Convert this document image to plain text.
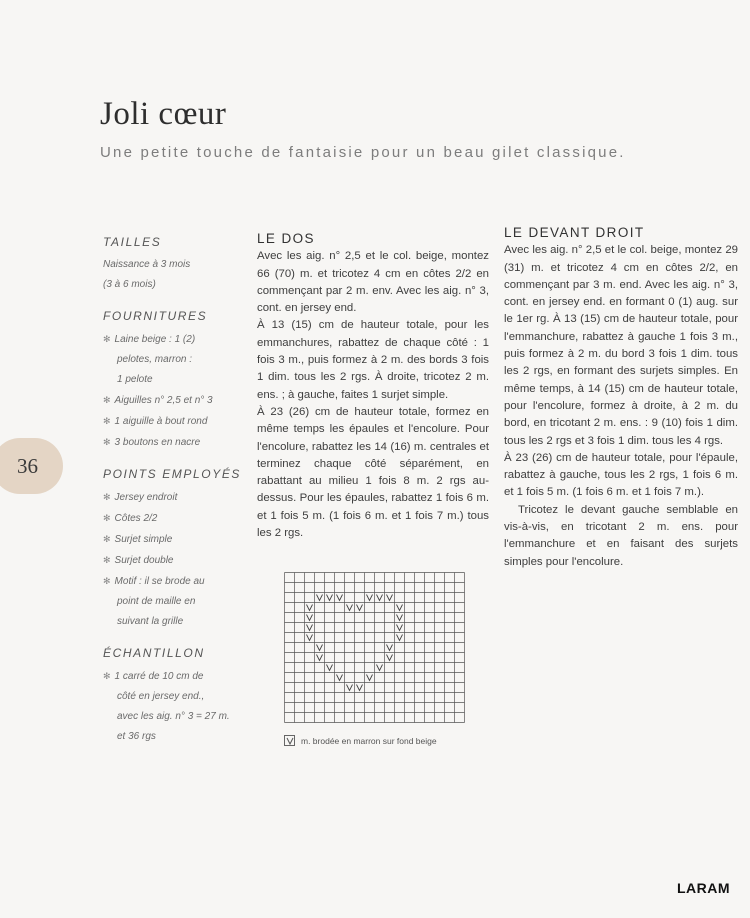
Joli cœur

Une petite touche de fantaisie pour un beau gilet classique.

36
TAILLES
Naissance à 3 mois
(3 à 6 mois)
FOURNITURES
✻ Laine beige : 1 (2)
pelotes, marron :
1 pelote
✻ Aiguilles n° 2,5 et n° 3
✻ 1 aiguille à bout rond
✻ 3 boutons en nacre
POINTS EMPLOYÉS
✻ Jersey endroit
✻ Côtes 2/2
✻ Surjet simple
✻ Surjet double
✻ Motif : il se brode au
point de maille en
suivant la grille
ÉCHANTILLON
✻ 1 carré de 10 cm de
côté en jersey end.,
avec les aig. n° 3 = 27 m.
et 36 rgs
LE DOS

Avec les aig. n° 2,5 et le col. beige, montez 66 (70) m. et tricotez 4 cm en côtes 2/2 en commençant par 2 m. env. Avec les aig. n° 3, cont. en jersey end.

À 13 (15) cm de hauteur totale, pour les emmanchures, rabattez de chaque côté : 1 fois 3 m., puis formez à 2 m. des bords 3 fois 1 dim. tous les 2 rgs. À droite, tricotez 2 m. ens. ; à gauche, faites 1 surjet simple.

À 23 (26) cm de hauteur totale, formez en même temps les épaules et l'encolure. Pour l'encolure, rabattez les 14 (16) m. centrales et terminez chaque côté séparément, en rabattant au milieu 1 fois 8 m. 2 rgs au-dessus. Pour les épaules, rabattez 1 fois 6 m. et 1 fois 5 m. (1 fois 6 m. et 1 fois 7 m.) tous les 2 rgs.

LE DEVANT DROIT

Avec les aig. n° 2,5 et le col. beige, montez 29 (31) m. et tricotez 4 cm en côtes 2/2, en commençant par 3 m. end. Avec les aig. n° 3, cont. en jersey end. en formant 0 (1) aug. sur le 1er rg. À 13 (15) cm de hauteur totale, pour l'emmanchure, rabattez à gauche 1 fois 3 m., puis formez à 2 m. du bord 3 fois 1 dim. tous les 2 rgs, en formant des surjets simples. En même temps, à 14 (15) cm de hauteur totale, pour l'encolure, formez à droite, à 2 m. du bord, en tricotant 2 m. ens. : 9 (10) fois 1 dim. tous les 2 rgs et 3 fois 1 dim. tous les 4 rgs.

À 23 (26) cm de hauteur totale, pour l'épaule, rabattez à gauche, tous les 2 rgs, 1 fois 6 m. et 1 fois 5 m. (1 fois 6 m. et 1 fois 7 m.).

Tricotez le devant gauche semblable en vis-à-vis, en tricotant 2 m. ens. pour l'emmanchure et en faisant des surjets simples pour l'encolure.

m. brodée en marron sur fond beige
LARAM
